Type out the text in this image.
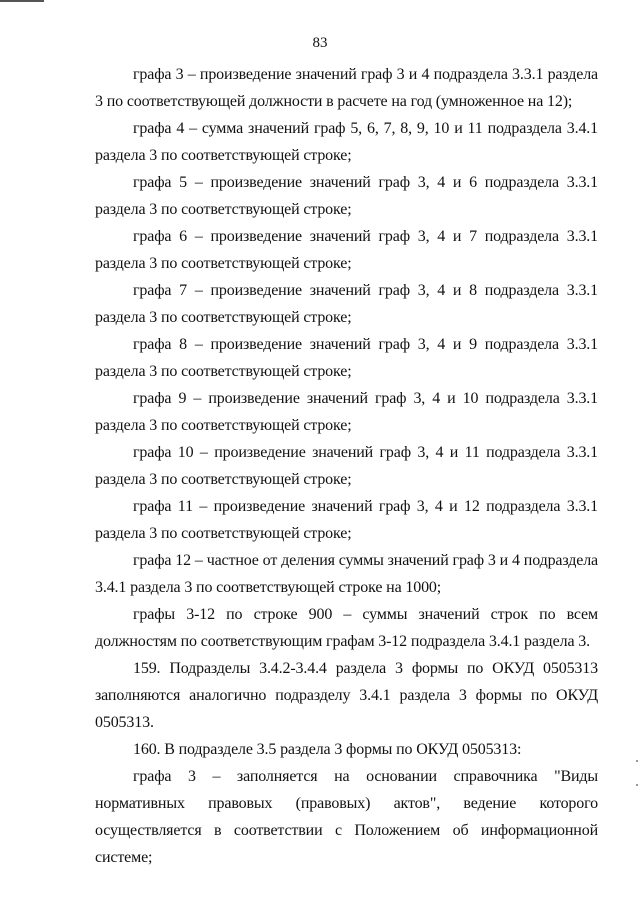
83

графа 3 – произведение значений граф 3 и 4 подраздела 3.3.1 раздела 3 по соответствующей должности в расчете на год (умноженное на 12);

графа 4 – сумма значений граф 5, 6, 7, 8, 9, 10 и 11 подраздела 3.4.1 раздела 3 по соответствующей строке;

графа 5 – произведение значений граф 3, 4 и 6 подраздела 3.3.1 раздела 3 по соответствующей строке;

графа 6 – произведение значений граф 3, 4 и 7 подраздела 3.3.1 раздела 3 по соответствующей строке;

графа 7 – произведение значений граф 3, 4 и 8 подраздела 3.3.1 раздела 3 по соответствующей строке;

графа 8 – произведение значений граф 3, 4 и 9 подраздела 3.3.1 раздела 3 по соответствующей строке;

графа 9 – произведение значений граф 3, 4 и 10 подраздела 3.3.1 раздела 3 по соответствующей строке;

графа 10 – произведение значений граф 3, 4 и 11 подраздела 3.3.1 раздела 3 по соответствующей строке;

графа 11 – произведение значений граф 3, 4 и 12 подраздела 3.3.1 раздела 3 по соответствующей строке;

графа 12 – частное от деления суммы значений граф 3 и 4 подраздела 3.4.1 раздела 3 по соответствующей строке на 1000;

графы 3-12 по строке 900 – суммы значений строк по всем должностям по соответствующим графам 3-12 подраздела 3.4.1 раздела 3.

159. Подразделы 3.4.2-3.4.4 раздела 3 формы по ОКУД 0505313 заполняются аналогично подразделу 3.4.1 раздела 3 формы по ОКУД 0505313.

160. В подразделе 3.5 раздела 3 формы по ОКУД 0505313:

графа 3 – заполняется на основании справочника "Виды нормативных правовых (правовых) актов", ведение которого осуществляется в соответствии с Положением об информационной системе;
